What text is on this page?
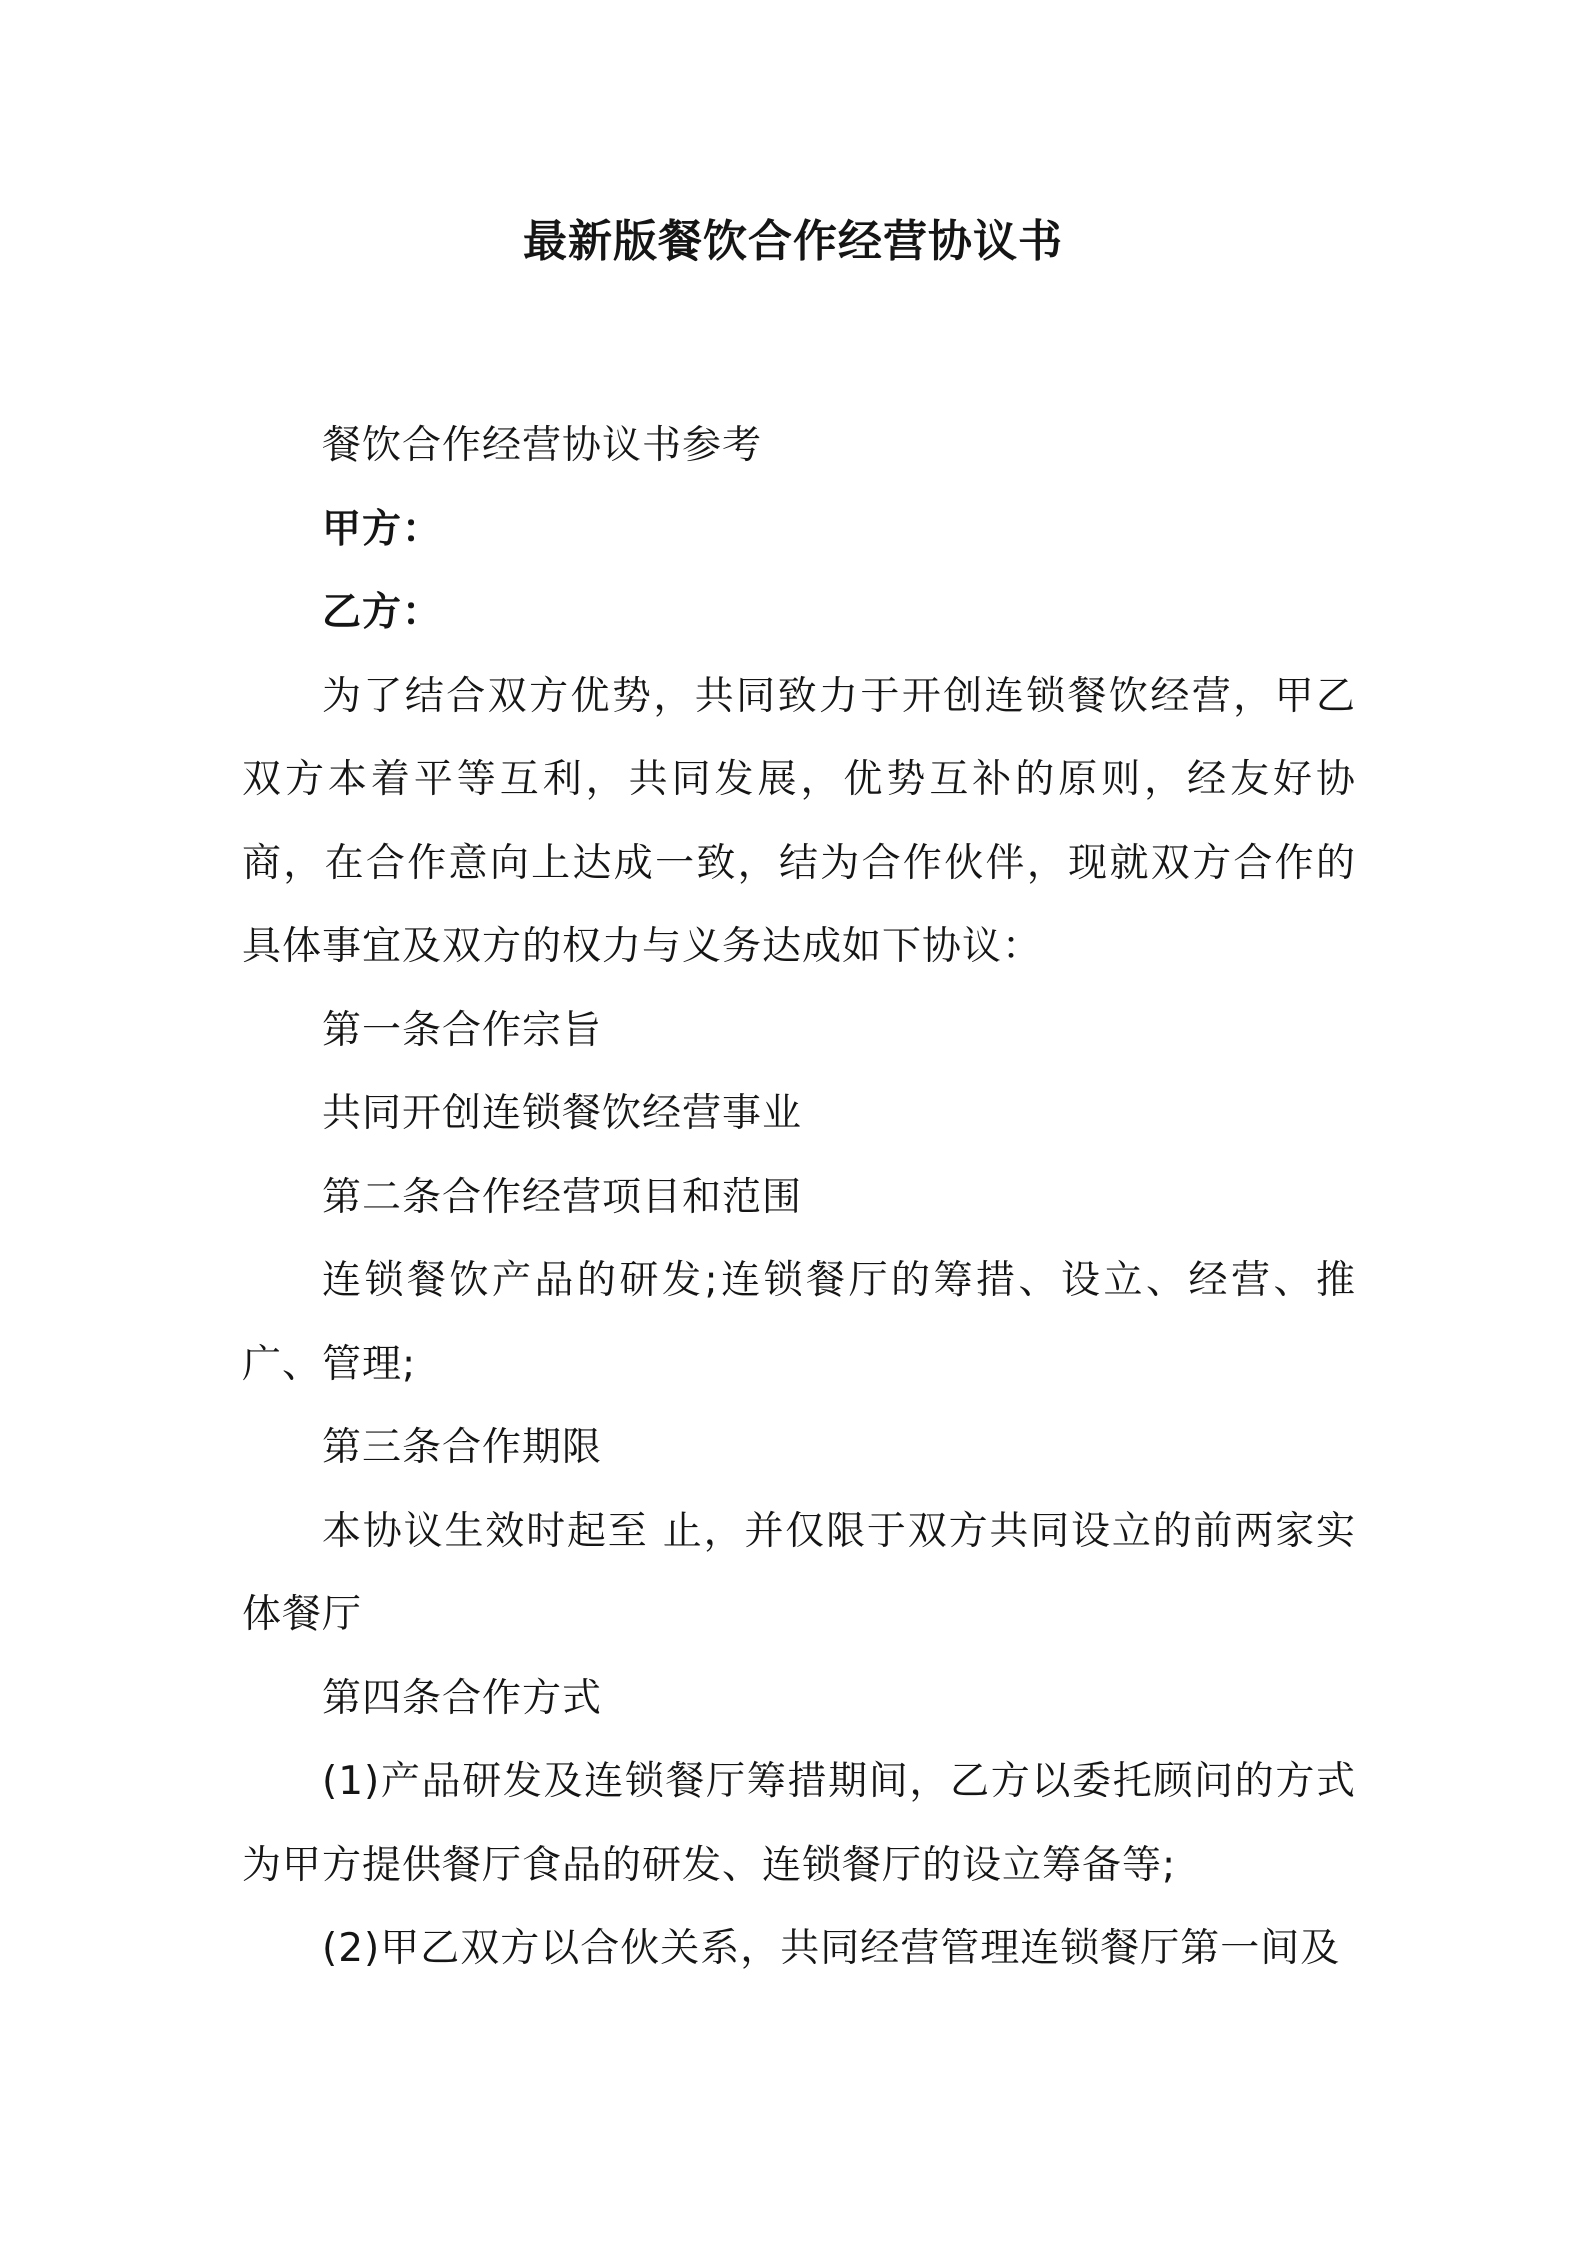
最新版餐饮合作经营协议书

餐饮合作经营协议书参考

甲方：

乙方：

为了结合双方优势，共同致力于开创连锁餐饮经营，甲乙双方本着平等互利，共同发展，优势互补的原则，经友好协商，在合作意向上达成一致，结为合作伙伴，现就双方合作的具体事宜及双方的权力与义务达成如下协议：

第一条合作宗旨

共同开创连锁餐饮经营事业

第二条合作经营项目和范围

连锁餐饮产品的研发;连锁餐厅的筹措、设立、经营、推广、管理;

第三条合作期限

本协议生效时起至 止，并仅限于双方共同设立的前两家实体餐厅

第四条合作方式

(1)产品研发及连锁餐厅筹措期间，乙方以委托顾问的方式为甲方提供餐厅食品的研发、连锁餐厅的设立筹备等;

(2)甲乙双方以合伙关系，共同经营管理连锁餐厅第一间及
